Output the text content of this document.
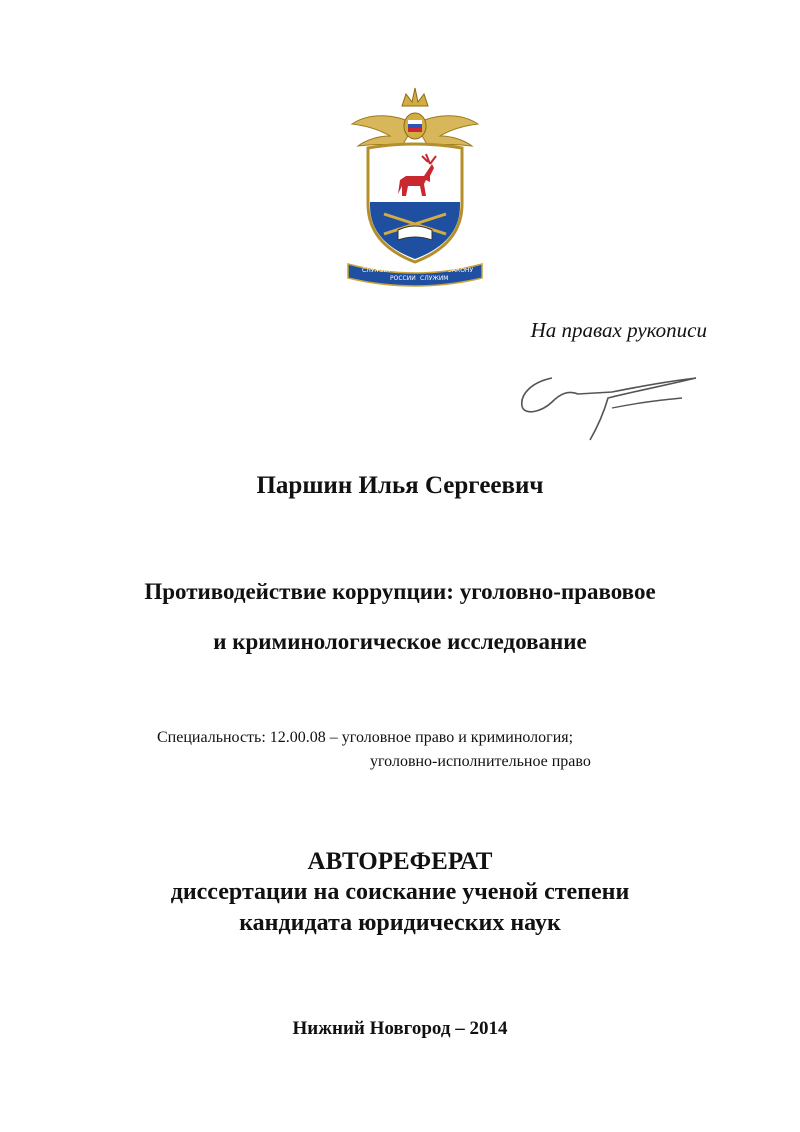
СЛУЖИМ
РОССИИ СЛУЖИМ
ЗАКОНУ
На правах рукописи
Паршин Илья Сергеевич
Противодействие коррупции: уголовно-правовое
и криминологическое исследование
Специальность: 12.00.08 – уголовное право и криминология;
уголовно-исполнительное право
АВТОРЕФЕРАТ
диссертации на соискание ученой степени
кандидата юридических наук
Нижний Новгород – 2014
